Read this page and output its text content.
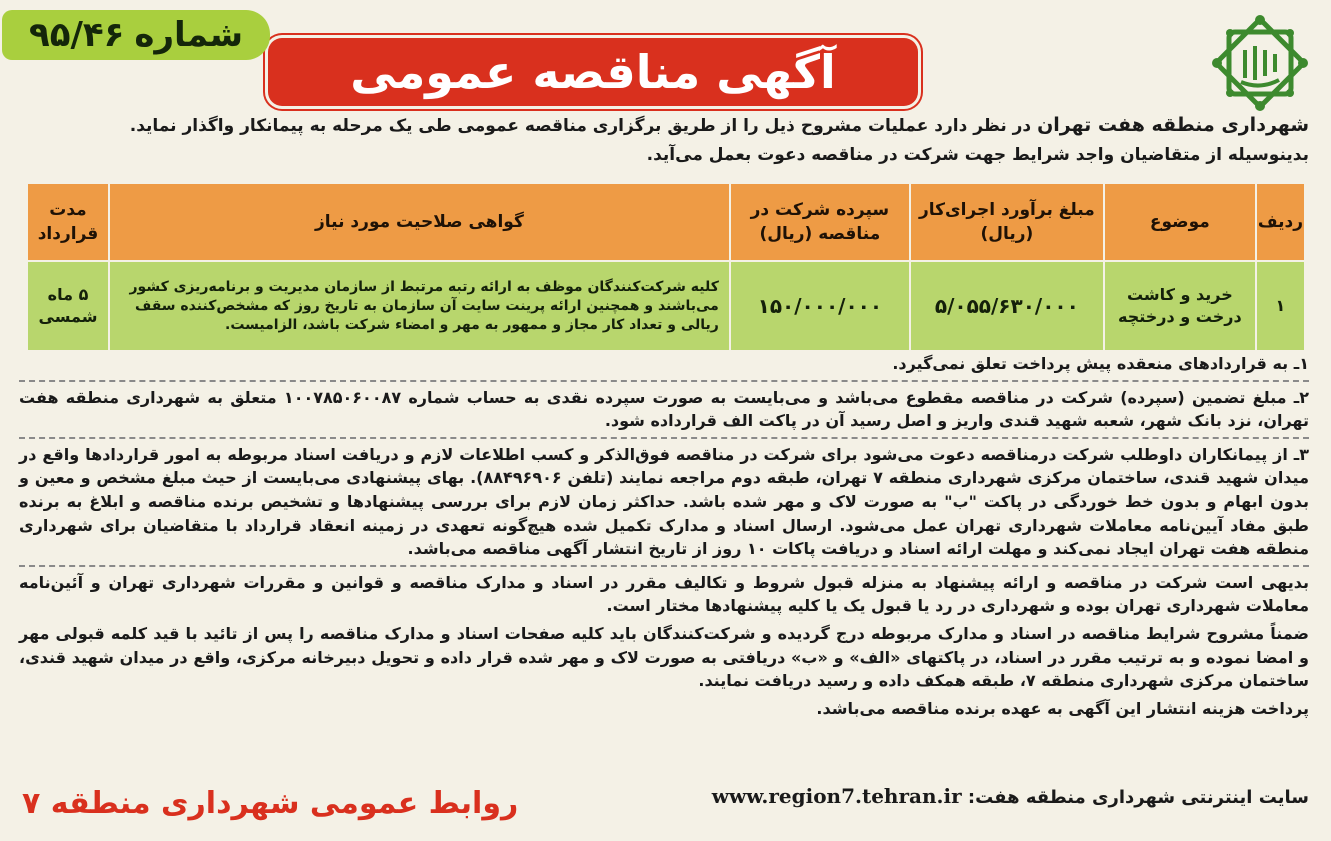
آگهی مناقصه عمومی
شماره
۹۵/۴۶
شهرداری منطقه هفت تهران در نظر دارد عملیات مشروح ذیل را از طریق برگزاری مناقصه عمومی طی یک مرحله به پیمانکار واگذار نماید.
بدینوسیله از متقاضیان واجد شرایط جهت شرکت در مناقصه دعوت بعمل می‌آید.
ردیف	موضوع	مبلغ برآورد اجرای‌کار (ریال)	سپرده شرکت در مناقصه (ریال)	گواهی صلاحیت مورد نیاز	مدت قرارداد
۱	خرید و کاشت درخت و درختچه	۵/۰۵۵/۶۳۰/۰۰۰	۱۵۰/۰۰۰/۰۰۰	کلیه شرکت‌کنندگان موظف به ارائه رتبه مرتبط از سازمان مدیریت و برنامه‌ریزی کشور می‌باشند و همچنین ارائه پرینت سایت آن سازمان به تاریخ روز که مشخص‌کننده سقف ریالی و تعداد کار مجاز و ممهور به مهر و امضاء شرکت باشد، الزامیست.	۵ ماه شمسی

۱ـ به قراردادهای منعقده پیش پرداخت تعلق نمی‌گیرد.

۲ـ مبلغ تضمین (سپرده) شرکت در مناقصه مقطوع می‌باشد و می‌بایست به صورت سپرده نقدی به حساب شماره ۱۰۰۷۸۵۰۶۰۰۸۷ متعلق به شهرداری منطقه هفت تهران، نزد بانک شهر، شعبه شهید قندی واریز و اصل رسید آن در پاکت الف قرارداده شود.

۳ـ از پیمانکاران داوطلب شرکت درمناقصه دعوت می‌شود برای شرکت در مناقصه فوق‌الذکر و کسب اطلاعات لازم و دریافت اسناد مربوطه به امور قراردادها واقع در میدان شهید قندی، ساختمان مرکزی شهرداری منطقه ۷ تهران، طبقه دوم مراجعه نمایند (تلفن ۸۸۴۹۶۹۰۶). بهای پیشنهادی می‌بایست از حیث مبلغ مشخص و معین و بدون ابهام و بدون خط خوردگی در پاکت "ب" به صورت لاک و مهر شده باشد. حداکثر زمان لازم برای بررسی پیشنهادها و تشخیص برنده مناقصه و ابلاغ به برنده طبق مفاد آیین‌نامه معاملات شهرداری تهران عمل می‌شود. ارسال اسناد و مدارک تکمیل شده هیچ‌گونه تعهدی در زمینه انعقاد قرارداد با متقاضیان برای شهرداری منطقه هفت تهران ایجاد نمی‌کند و مهلت ارائه اسناد و دریافت پاکات ۱۰ روز از تاریخ انتشار آگهی مناقصه می‌باشد.

بدیهی است شرکت در مناقصه و ارائه پیشنهاد به منزله قبول شروط و تکالیف مقرر در اسناد و مدارک مناقصه و قوانین و مقررات شهرداری تهران و آئین‌نامه معاملات شهرداری تهران بوده و شهرداری در رد یا قبول یک یا کلیه پیشنهادها مختار است.

ضمناً مشروح شرایط مناقصه در اسناد و مدارک مربوطه درج گردیده و شرکت‌کنندگان باید کلیه صفحات اسناد و مدارک مناقصه را پس از تائید با قید کلمه قبولی مهر و امضا نموده و به ترتیب مقرر در اسناد، در پاکتهای «الف» و «ب» دریافتی به صورت لاک و مهر شده قرار داده و تحویل دبیرخانه مرکزی، واقع در میدان شهید قندی، ساختمان مرکزی شهرداری منطقه ۷، طبقه همکف داده و رسید دریافت نمایند.

پرداخت هزینه انتشار این آگهی به عهده برنده مناقصه می‌باشد.

سایت اینترنتی شهرداری منطقه هفت: www.region7.tehran.ir
روابط عمومی شهرداری منطقه ۷
